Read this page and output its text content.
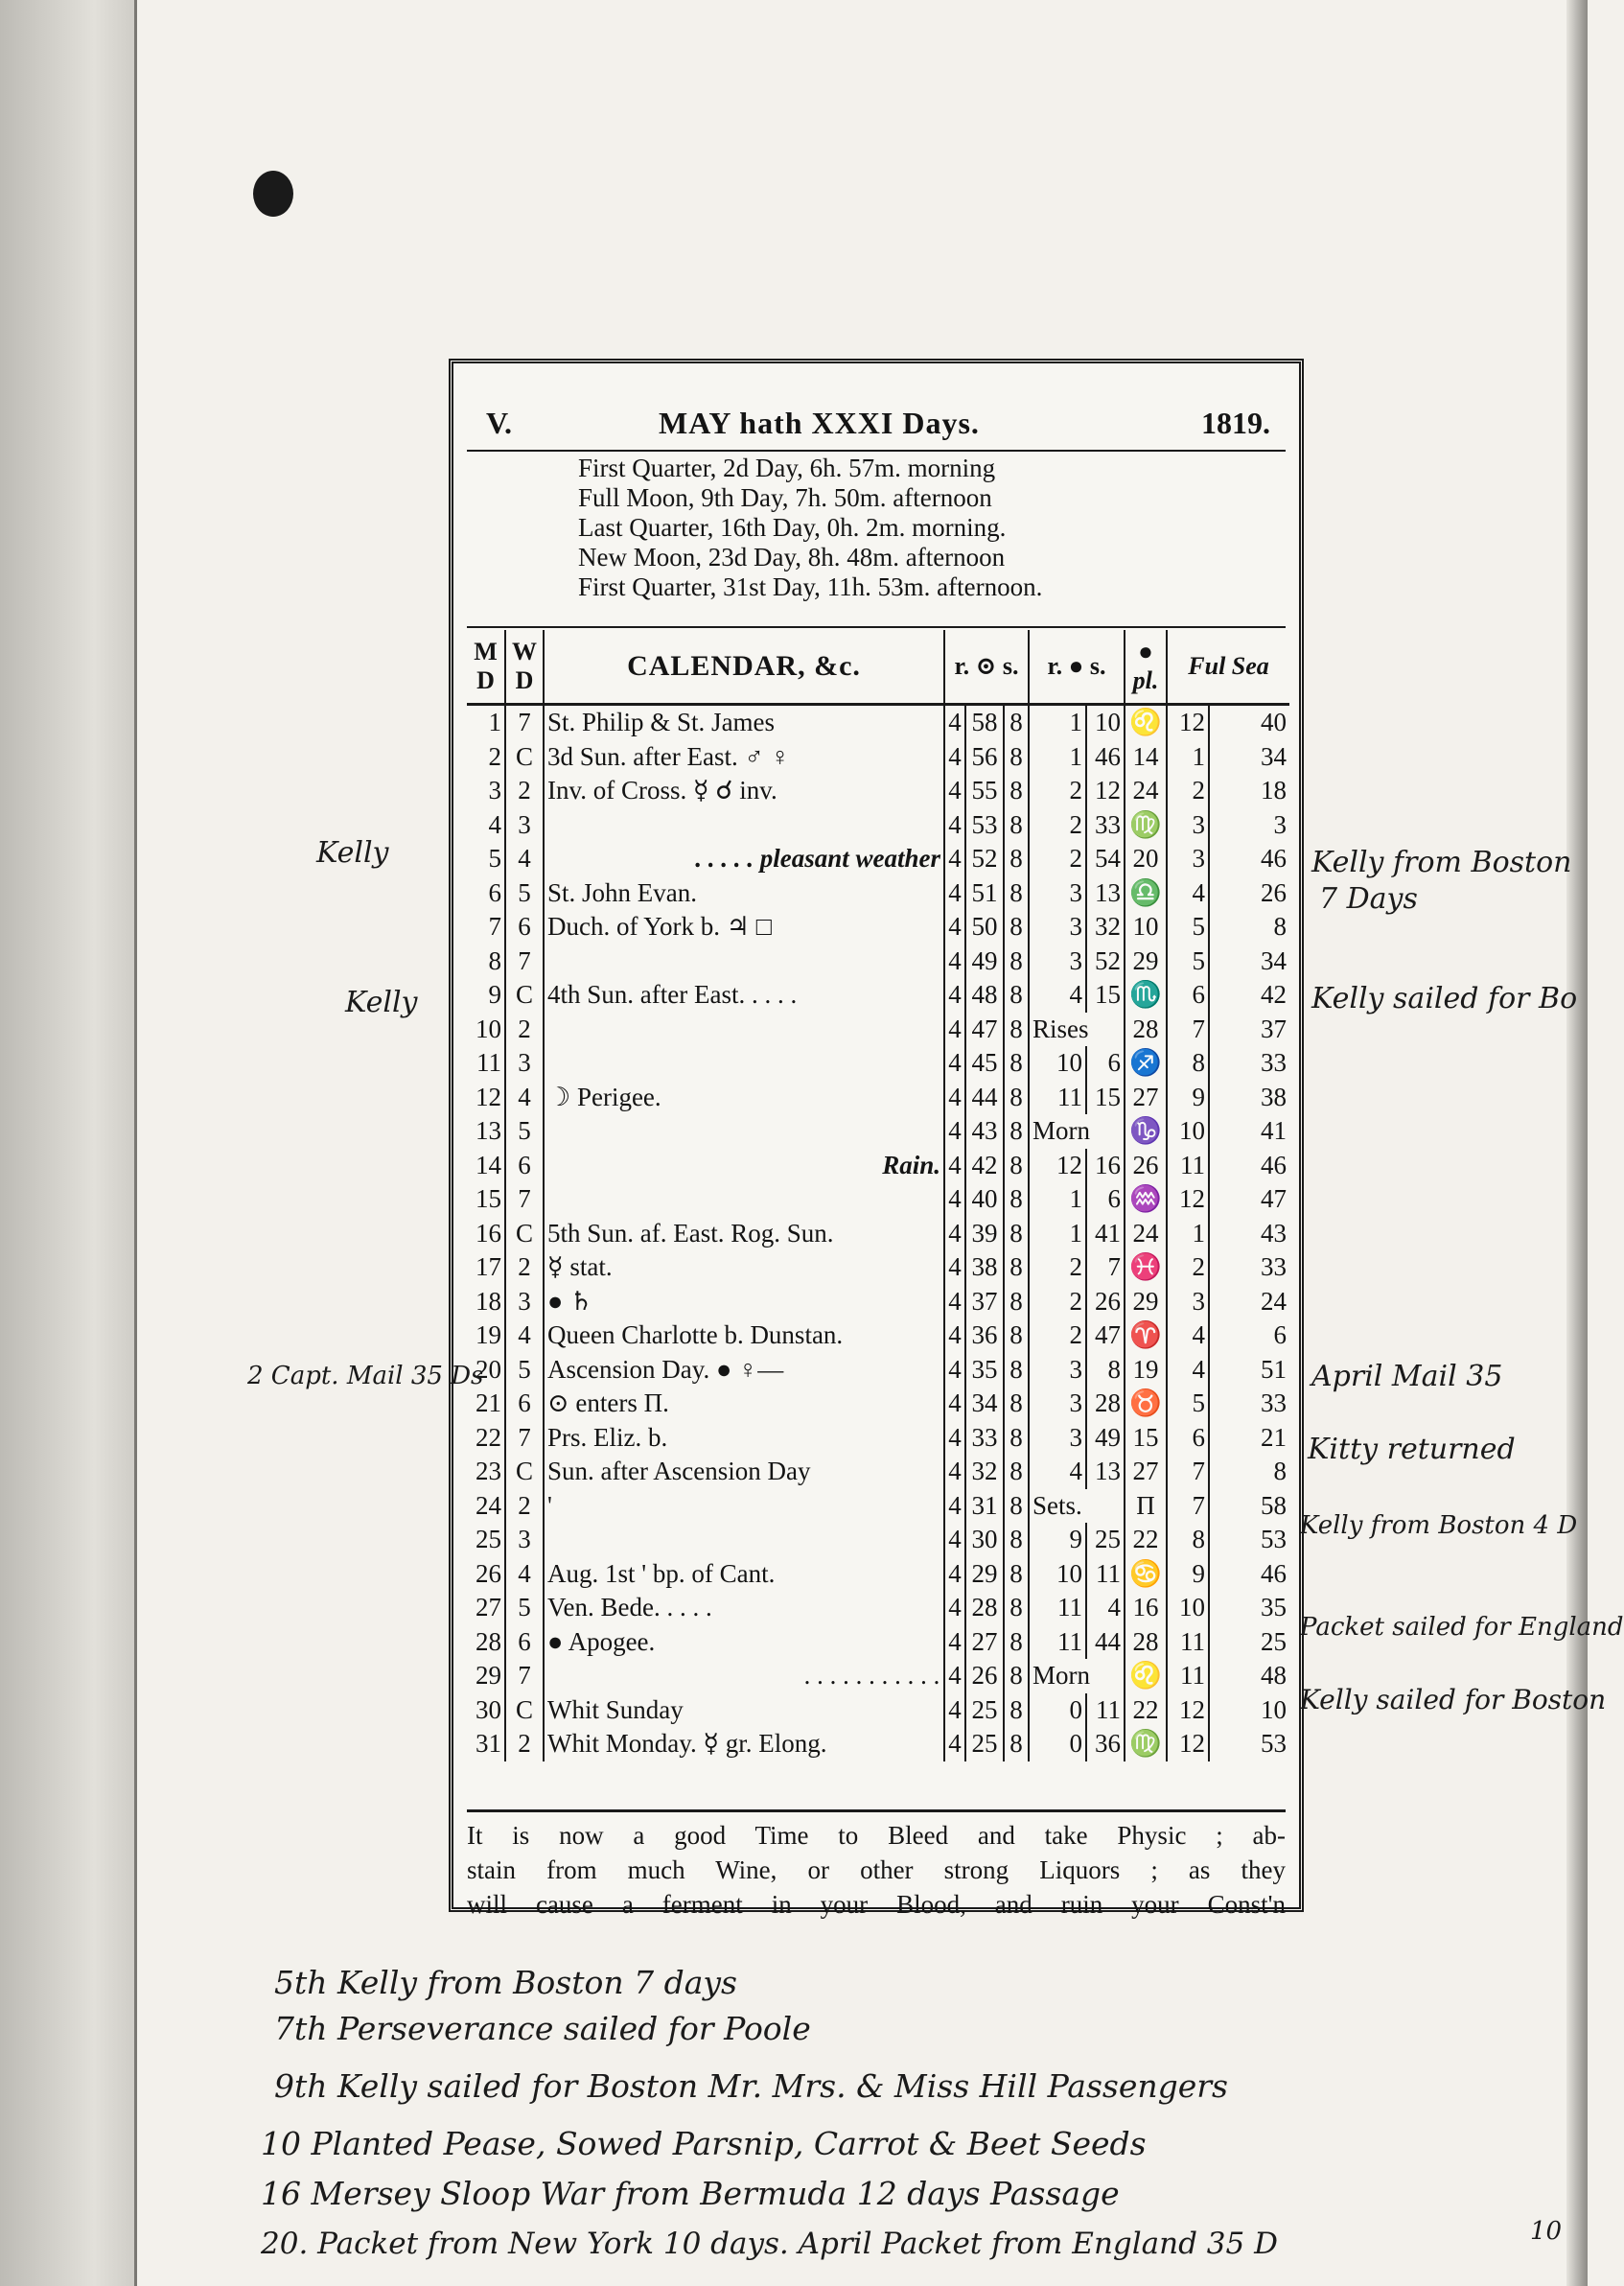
V.	MAY hath XXXI Days.	1819.
First Quarter, 2d Day, 6h. 57m. morning
Full Moon, 9th Day, 7h. 50m. afternoon
Last Quarter, 16th Day, 0h. 2m. morning.
New Moon, 23d Day, 8h. 48m. afternoon
First Quarter, 31st Day, 11h. 53m. afternoon.
M D	W D	CALENDAR, &c.	r. ⊙ s.			r. ● s.		● pl.	Ful Sea	
1	7	St. Philip & St. James	4	58	8	1	10	♌	12	40
2	C	3d Sun. after East. ♂ ♀	4	56	8	1	46	14	1	34
3	2	Inv. of Cross. ☿ ☌ inv.	4	55	8	2	12	24	2	18
4	3		4	53	8	2	33	♍	3	3
5	4	. . . . . pleasant weather	4	52	8	2	54	20	3	46
6	5	St. John Evan.	4	51	8	3	13	♎	4	26
7	6	Duch. of York b. ♃ □	4	50	8	3	32	10	5	8
8	7		4	49	8	3	52	29	5	34
9	C	4th Sun. after East. . . . .	4	48	8	4	15	♏	6	42
10	2		4	47	8	Rises		28	7	37
11	3		4	45	8	10	6	♐	8	33
12	4	☽ Perigee.	4	44	8	11	15	27	9	38
13	5		4	43	8	Morn		♑	10	41
14	6	Rain.	4	42	8	12	16	26	11	46
15	7		4	40	8	1	6	♒	12	47
16	C	5th Sun. af. East. Rog. Sun.	4	39	8	1	41	24	1	43
17	2	☿ stat.	4	38	8	2	7	♓	2	33
18	3	● ♄	4	37	8	2	26	29	3	24
19	4	Queen Charlotte b. Dunstan.	4	36	8	2	47	♈	4	6
20	5	Ascension Day. ● ♀—	4	35	8	3	8	19	4	51
21	6	⊙ enters Π.	4	34	8	3	28	♉	5	33
22	7	Prs. Eliz. b.	4	33	8	3	49	15	6	21
23	C	Sun. after Ascension Day	4	32	8	4	13	27	7	8
24	2	'	4	31	8	Sets.		Π	7	58
25	3		4	30	8	9	25	22	8	53
26	4	Aug. 1st ' bp. of Cant.	4	29	8	10	11	♋	9	46
27	5	Ven. Bede. . . . .	4	28	8	11	4	16	10	35
28	6	● Apogee.	4	27	8	11	44	28	11	25
29	7	. . . . . . . . . . .	4	26	8	Morn		♌	11	48
30	C	Whit Sunday	4	25	8	0	11	22	12	10
31	2	Whit Monday. ☿ gr. Elong.	4	25	8	0	36	♍	12	53
It is now a good Time to Bleed and take Physic ; ab-
stain from much Wine, or other strong Liquors ; as they
will cause a ferment in your Blood, and ruin your Const'n
Kelly
Kelly
2 Capt. Mail 35 Ds
Kelly from Boston
7 Days
Kelly sailed for Bo
April Mail 35
Kitty returned
Kelly from Boston 4 D
Packet sailed for England
Kelly sailed for Boston
5th Kelly from Boston 7 days
7th Perseverance sailed for Poole
9th Kelly sailed for Boston Mr. Mrs. & Miss Hill Passengers
10 Planted Pease, Sowed Parsnip, Carrot & Beet Seeds
16 Mersey Sloop War from Bermuda 12 days Passage
20. Packet from New York 10 days. April Packet from England 35 D	10
